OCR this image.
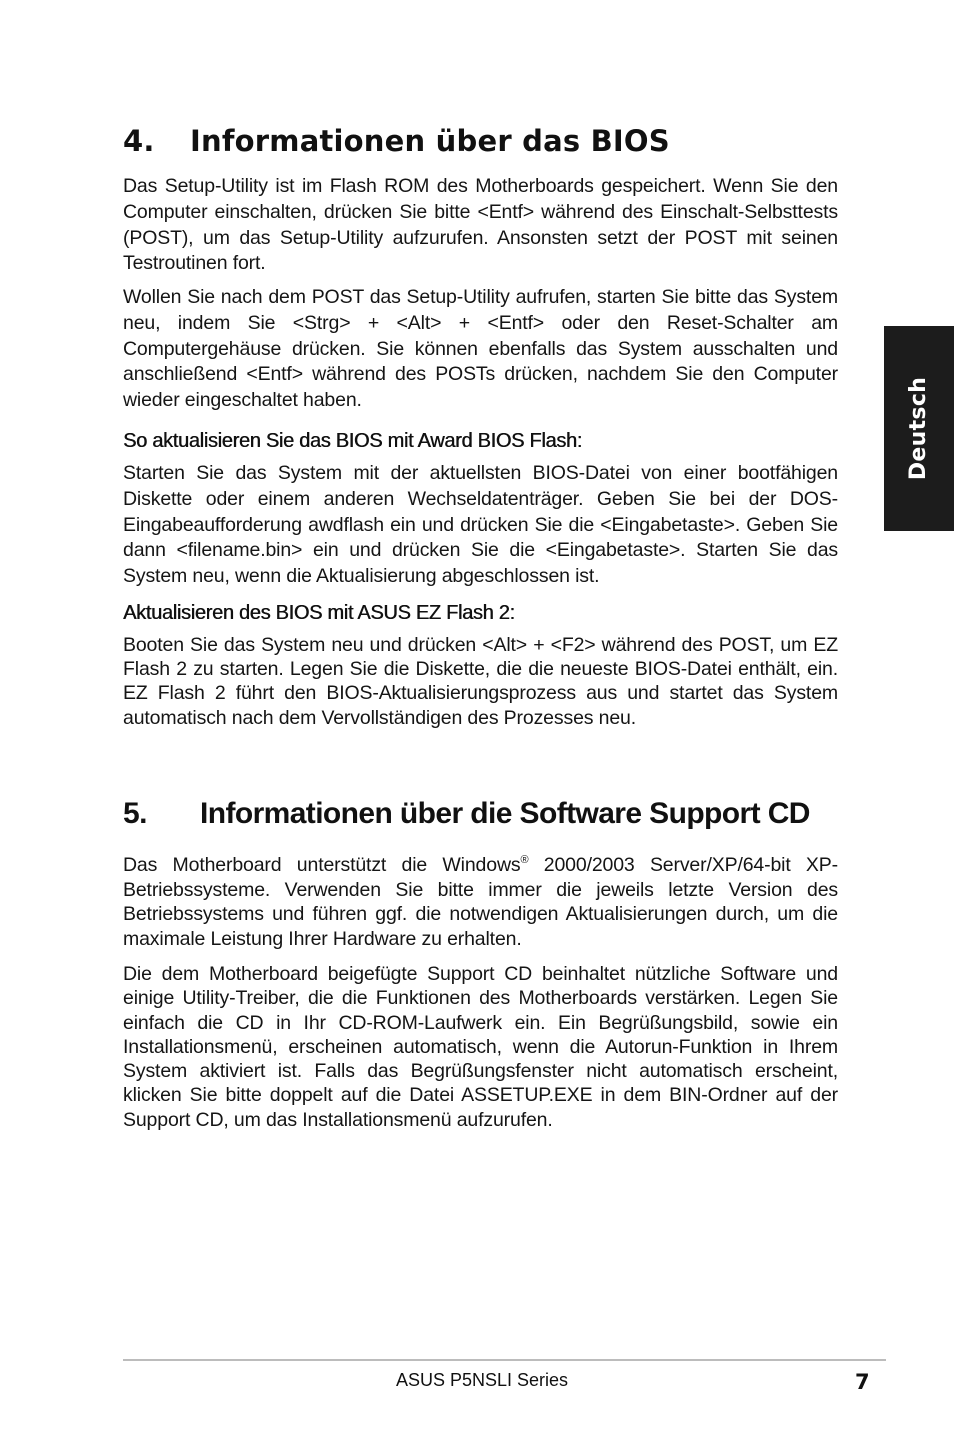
4.	Informationen über das BIOS

Das Setup-Utility ist im Flash ROM des Motherboards gespeichert. Wenn Sie den Computer einschalten, drücken Sie bitte <Entf> während des Einschalt-Selbsttests (POST), um das Setup-Utility aufzurufen. Ansonsten setzt der POST mit seinen Testroutinen fort.

Wollen Sie nach dem POST das Setup-Utility aufrufen, starten Sie bitte das System neu, indem Sie <Strg> + <Alt> + <Entf> oder den Reset-Schalter am Computergehäuse drücken. Sie können ebenfalls das System ausschalten und anschließend <Entf> während des POSTs drücken, nachdem Sie den Computer wieder eingeschaltet haben.

So aktualisieren Sie das BIOS mit Award BIOS Flash:

Starten Sie das System mit der aktuellsten BIOS-Datei von einer bootfähigen Diskette oder einem anderen Wechseldatenträger. Geben Sie bei der DOS-Eingabeaufforderung awdflash ein und drücken Sie die <Eingabetaste>. Geben Sie dann <filename.bin> ein und drücken Sie die <Eingabetaste>. Starten Sie das System neu, wenn die Aktualisierung abgeschlossen ist.

Aktualisieren des BIOS mit ASUS EZ Flash 2:

Booten Sie das System neu und drücken <Alt> + <F2> während des POST, um EZ Flash 2 zu starten. Legen Sie die Diskette, die die neueste BIOS-Datei enthält, ein. EZ Flash 2 führt den BIOS-Aktualisierungsprozess aus und startet das System automatisch nach dem Vervollständigen des Prozesses neu.

5.	Informationen über die Software Support CD

Das Motherboard unterstützt die Windows® 2000/2003 Server/XP/64-bit XP-Betriebssysteme. Verwenden Sie bitte immer die jeweils letzte Version des Betriebssystems und führen ggf. die notwendigen Aktualisierungen durch, um die maximale Leistung Ihrer Hardware zu erhalten.

Die dem Motherboard beigefügte Support CD beinhaltet nützliche Software und einige Utility-Treiber, die die Funktionen des Motherboards verstärken. Legen Sie einfach die CD in Ihr CD-ROM-Laufwerk ein. Ein Begrüßungsbild, sowie ein Installationsmenü, erscheinen automatisch, wenn die Autorun-Funktion in Ihrem System aktiviert ist. Falls das Begrüßungsfenster nicht automatisch erscheint, klicken Sie bitte doppelt auf die Datei ASSETUP.EXE in dem BIN-Ordner auf der Support CD, um das Installationsmenü aufzurufen.

Deutsch
ASUS P5NSLI Series	7
